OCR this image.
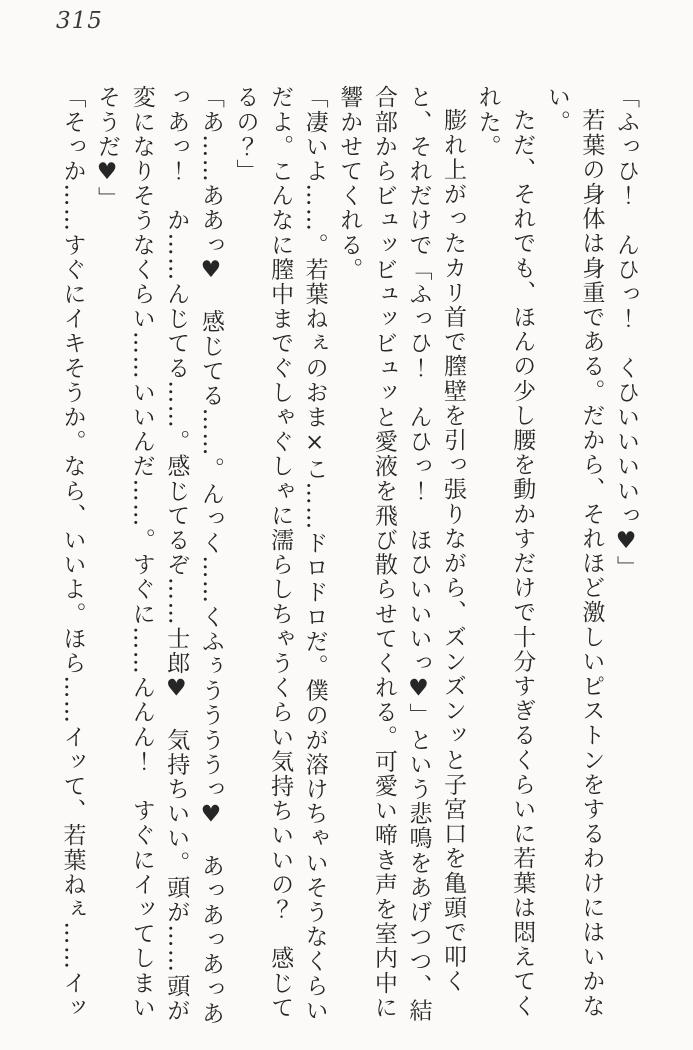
315

「ふっひ！　んひっ！　くひいいいいっ♥」

若葉の身体は身重である。だから、それほど激しいピストンをするわけにはいかない。

ただ、それでも、ほんの少し腰を動かすだけで十分すぎるくらいに若葉は悶えてくれた。

膨れ上がったカリ首で膣壁を引っ張りながら、ズンズンッと子宮口を亀頭で叩くと、それだけで「ふっひ！　んひっ！　ほひいいいっ♥」という悲鳴をあげつつ、結合部からビュッビュッビュッと愛液を飛び散らせてくれる。可愛い啼き声を室内中に響かせてくれる。

「凄いよ……。若葉ねぇのおま×こ……ドロドロだ。僕のが溶けちゃいそうなくらいだよ。こんなに膣中までぐしゃぐしゃに濡らしちゃうくらい気持ちいいの？　感じてるの？」

「あ……ああっ♥　感じてる……。んっく……くふぅううううっ♥　あっあっあっあっあっ！　か……んじてる……。感じてるぞ……士郎♥　気持ちいい。頭が……頭が変になりそうなくらい……いいんだ……。すぐに……んんん！　すぐにイッてしまいそうだ♥」

「そっか……すぐにイキそうか。なら、いいよ。ほら……イッて、若葉ねぇ……イッ
